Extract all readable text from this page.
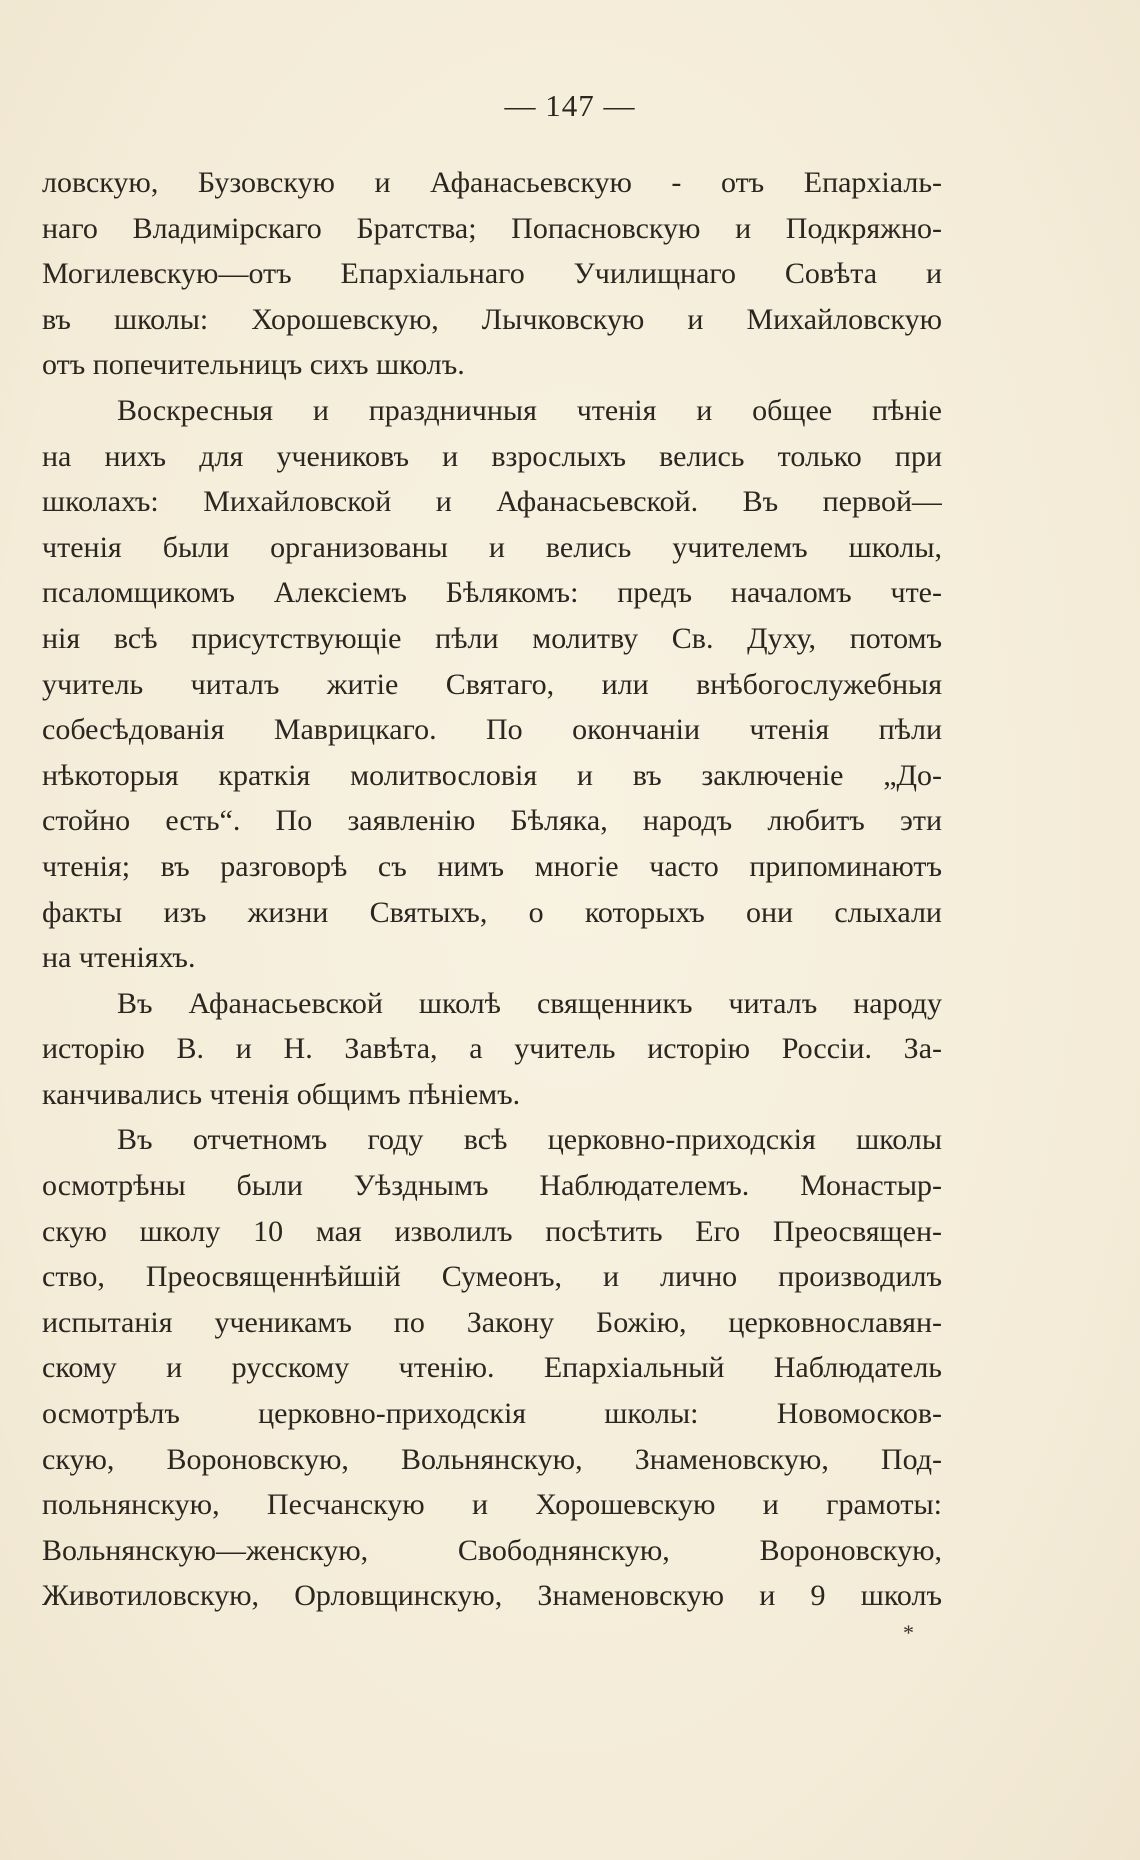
— 147 —
ловскую, Бузовскую и Афанасьевскую - отъ Епархіаль-
наго Владимірскаго Братства; Попасновскую и Подкряжно-
Могилевскую—отъ Епархіальнаго Училищнаго Совѣта и
въ школы: Хорошевскую, Лычковскую и Михайловскую
отъ попечительницъ сихъ школъ.
Воскресныя и праздничныя чтенія и общее пѣніе
на нихъ для учениковъ и взрослыхъ велись только при
школахъ: Михайловской и Афанасьевской. Въ первой—
чтенія были организованы и велись учителемъ школы,
псаломщикомъ Алексіемъ Бѣлякомъ: предъ началомъ чте-
нія всѣ присутствующіе пѣли молитву Св. Духу, потомъ
учитель читалъ житіе Святаго, или внѣбогослужебныя
собесѣдованія Маврицкаго. По окончаніи чтенія пѣли
нѣкоторыя краткія молитвословія и въ заключеніе „До-
стойно есть“. По заявленію Бѣляка, народъ любитъ эти
чтенія; въ разговорѣ съ нимъ многіе часто припоминаютъ
факты изъ жизни Святыхъ, о которыхъ они слыхали
на чтеніяхъ.
Въ Афанасьевской школѣ священникъ читалъ народу
исторію В. и Н. Завѣта, а учитель исторію Россіи. За-
канчивались чтенія общимъ пѣніемъ.
Въ отчетномъ году всѣ церковно-приходскія школы
осмотрѣны были Уѣзднымъ Наблюдателемъ. Монастыр-
скую школу 10 мая изволилъ посѣтить Его Преосвящен-
ство, Преосвященнѣйшій Сумеонъ, и лично производилъ
испытанія ученикамъ по Закону Божію, церковнославян-
скому и русскому чтенію. Епархіальный Наблюдатель
осмотрѣлъ церковно-приходскія школы: Новомосков-
скую, Вороновскую, Вольнянскую, Знаменовскую, Под-
польнянскую, Песчанскую и Хорошевскую и грамоты:
Вольнянскую—женскую, Свободнянскую, Вороновскую,
Животиловскую, Орловщинскую, Знаменовскую и 9 школъ
*
